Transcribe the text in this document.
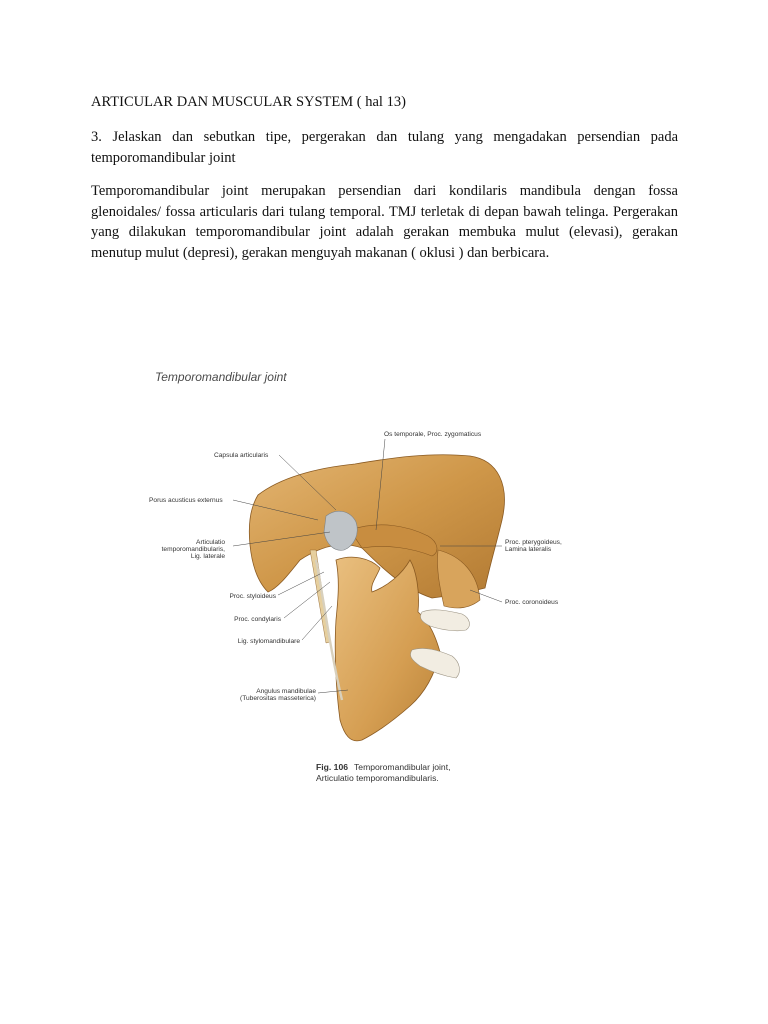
ARTICULAR DAN MUSCULAR SYSTEM ( hal 13)

3. Jelaskan dan sebutkan tipe, pergerakan dan tulang yang mengadakan persendian pada temporomandibular joint

Temporomandibular joint merupakan persendian dari kondilaris mandibula dengan fossa glenoidales/ fossa articularis dari tulang temporal. TMJ terletak di depan bawah telinga. Pergerakan yang dilakukan temporomandibular joint adalah gerakan membuka mulut (elevasi), gerakan menutup mulut (depresi), gerakan menguyah makanan ( oklusi ) dan berbicara.

Os temporale, Proc. zygomaticus
Capsula articularis
Porus acusticus externus
Articulatio
temporomandibularis,
Lig. laterale
Proc. pterygoideus,
Lamina lateralis
Proc. styloideus
Proc. condylaris
Lig. stylomandibulare
Proc. coronoideus
Angulus mandibulae
(Tuberositas masseterica)
Temporomandibular joint
Fig. 106 Temporomandibular joint,
Articulatio temporomandibularis.
